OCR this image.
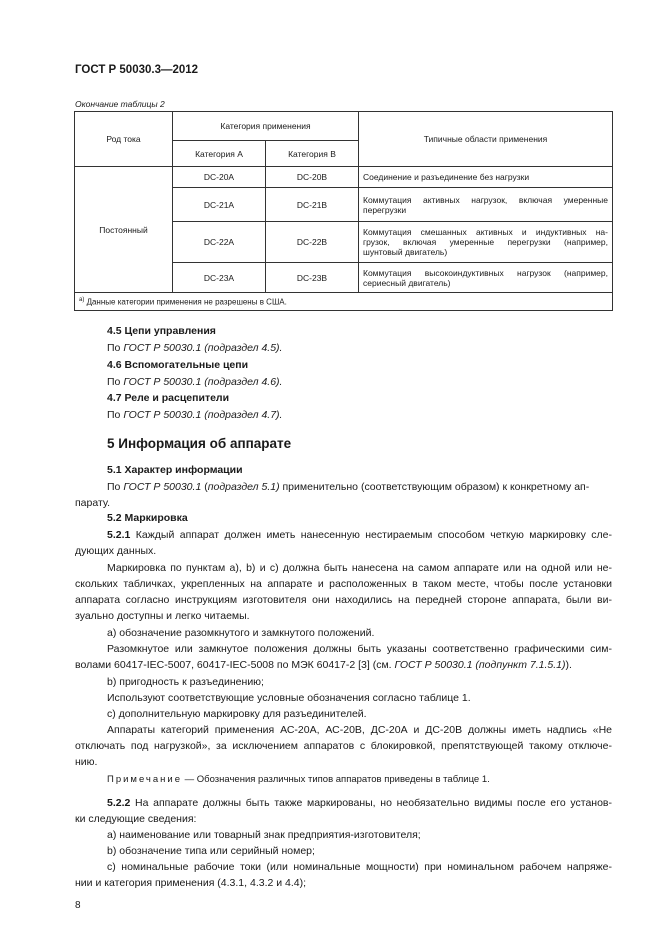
ГОСТ Р 50030.3—2012
Окончание таблицы 2
Род тока	Категория применения		Типичные области применения
	Категория А	Категория В	
Постоянный	DC-20A	DC-20B	Соединение и разъединение без нагрузки

	DC-21A	DC-21B	Коммутация активных нагрузок, включая умеренные
перегрузки

	DC-22A	DC-22B	Коммутация смешанных активных и индуктивных на-
грузок, включая умеренные перегрузки (например,
шунтовый двигатель)

	DC-23A	DC-23B	Коммутация высокоиндуктивных нагрузок (например,
сериесный двигатель)

$^{a)}$ Данные категории применения не разрешены в США.			
4.5 Цепи управления
По ГОСТ Р 50030.1 (подраздел 4.5).
4.6 Вспомогательные цепи
По ГОСТ Р 50030.1 (подраздел 4.6).
4.7 Реле и расцепители
По ГОСТ Р 50030.1 (подраздел 4.7).
5 Информация об аппарате
5.1 Характер информации
По ГОСТ Р 50030.1 (подраздел 5.1) применительно (соответствующим образом) к конкретному ап-
парату.
5.2 Маркировка
5.2.1 Каждый аппарат должен иметь нанесенную нестираемым способом четкую маркировку сле-
дующих данных.
Маркировка по пунктам а), b) и с) должна быть нанесена на самом аппарате или на одной или не-
скольких табличках, укрепленных на аппарате и расположенных в таком месте, чтобы после установки
аппарата согласно инструкциям изготовителя они находились на передней стороне аппарата, были ви-
зуально доступны и легко читаемы.
а) обозначение разомкнутого и замкнутого положений.
Разомкнутое или замкнутое положения должны быть указаны соответственно графическими сим-
волами 60417-IEC-5007, 60417-IEC-5008 по МЭК 60417-2 [3] (см. ГОСТ Р 50030.1 (подпункт 7.1.5.1)).
b) пригодность к разъединению;
Используют соответствующие условные обозначения согласно таблице 1.
с) дополнительную маркировку для разъединителей.
Аппараты категорий применения АС-20А, АС-20В, ДС-20А и ДС-20В должны иметь надпись «Не
отключать под нагрузкой», за исключением аппаратов с блокировкой, препятствующей такому отключе-
нию.
Примечание — Обозначения различных типов аппаратов приведены в таблице 1.
5.2.2 На аппарате должны быть также маркированы, но необязательно видимы после его установ-
ки следующие сведения:
а) наименование или товарный знак предприятия-изготовителя;
b) обозначение типа или серийный номер;
с) номинальные рабочие токи (или номинальные мощности) при номинальном рабочем напряже-
нии и категория применения (4.3.1, 4.3.2 и 4.4);
8
